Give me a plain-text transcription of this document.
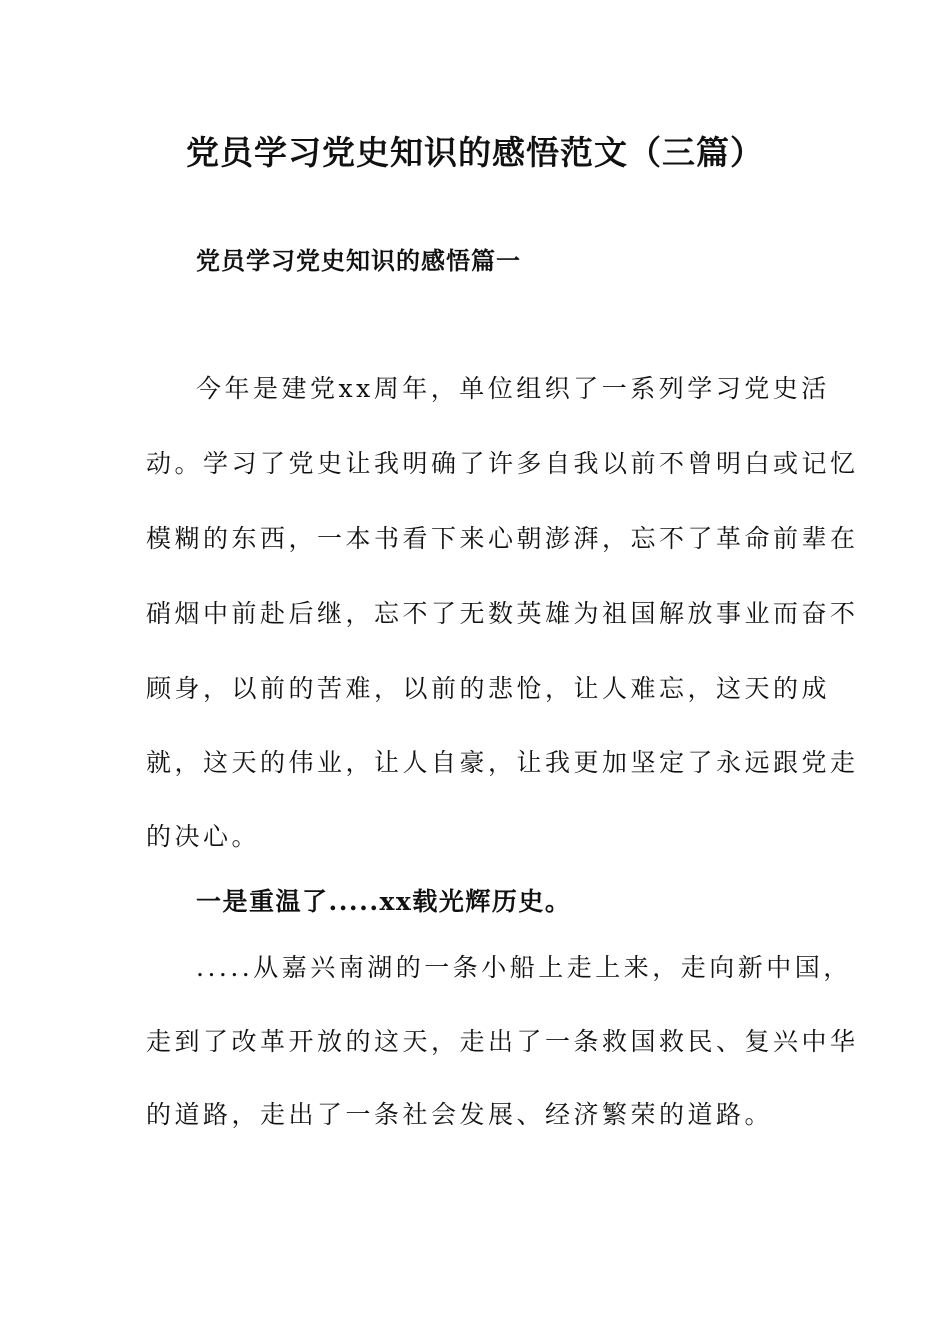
党员学习党史知识的感悟范文（三篇）
党员学习党史知识的感悟篇一
今年是建党xx周年，单位组织了一系列学习党史活
动。学习了党史让我明确了许多自我以前不曾明白或记忆
模糊的东西，一本书看下来心朝澎湃，忘不了革命前辈在
硝烟中前赴后继，忘不了无数英雄为祖国解放事业而奋不
顾身，以前的苦难，以前的悲怆，让人难忘，这天的成
就，这天的伟业，让人自豪，让我更加坚定了永远跟党走
的决心。
一是重温了.....xx载光辉历史。
.....从嘉兴南湖的一条小船上走上来，走向新中国，
走到了改革开放的这天，走出了一条救国救民、复兴中华
的道路，走出了一条社会发展、经济繁荣的道路。
